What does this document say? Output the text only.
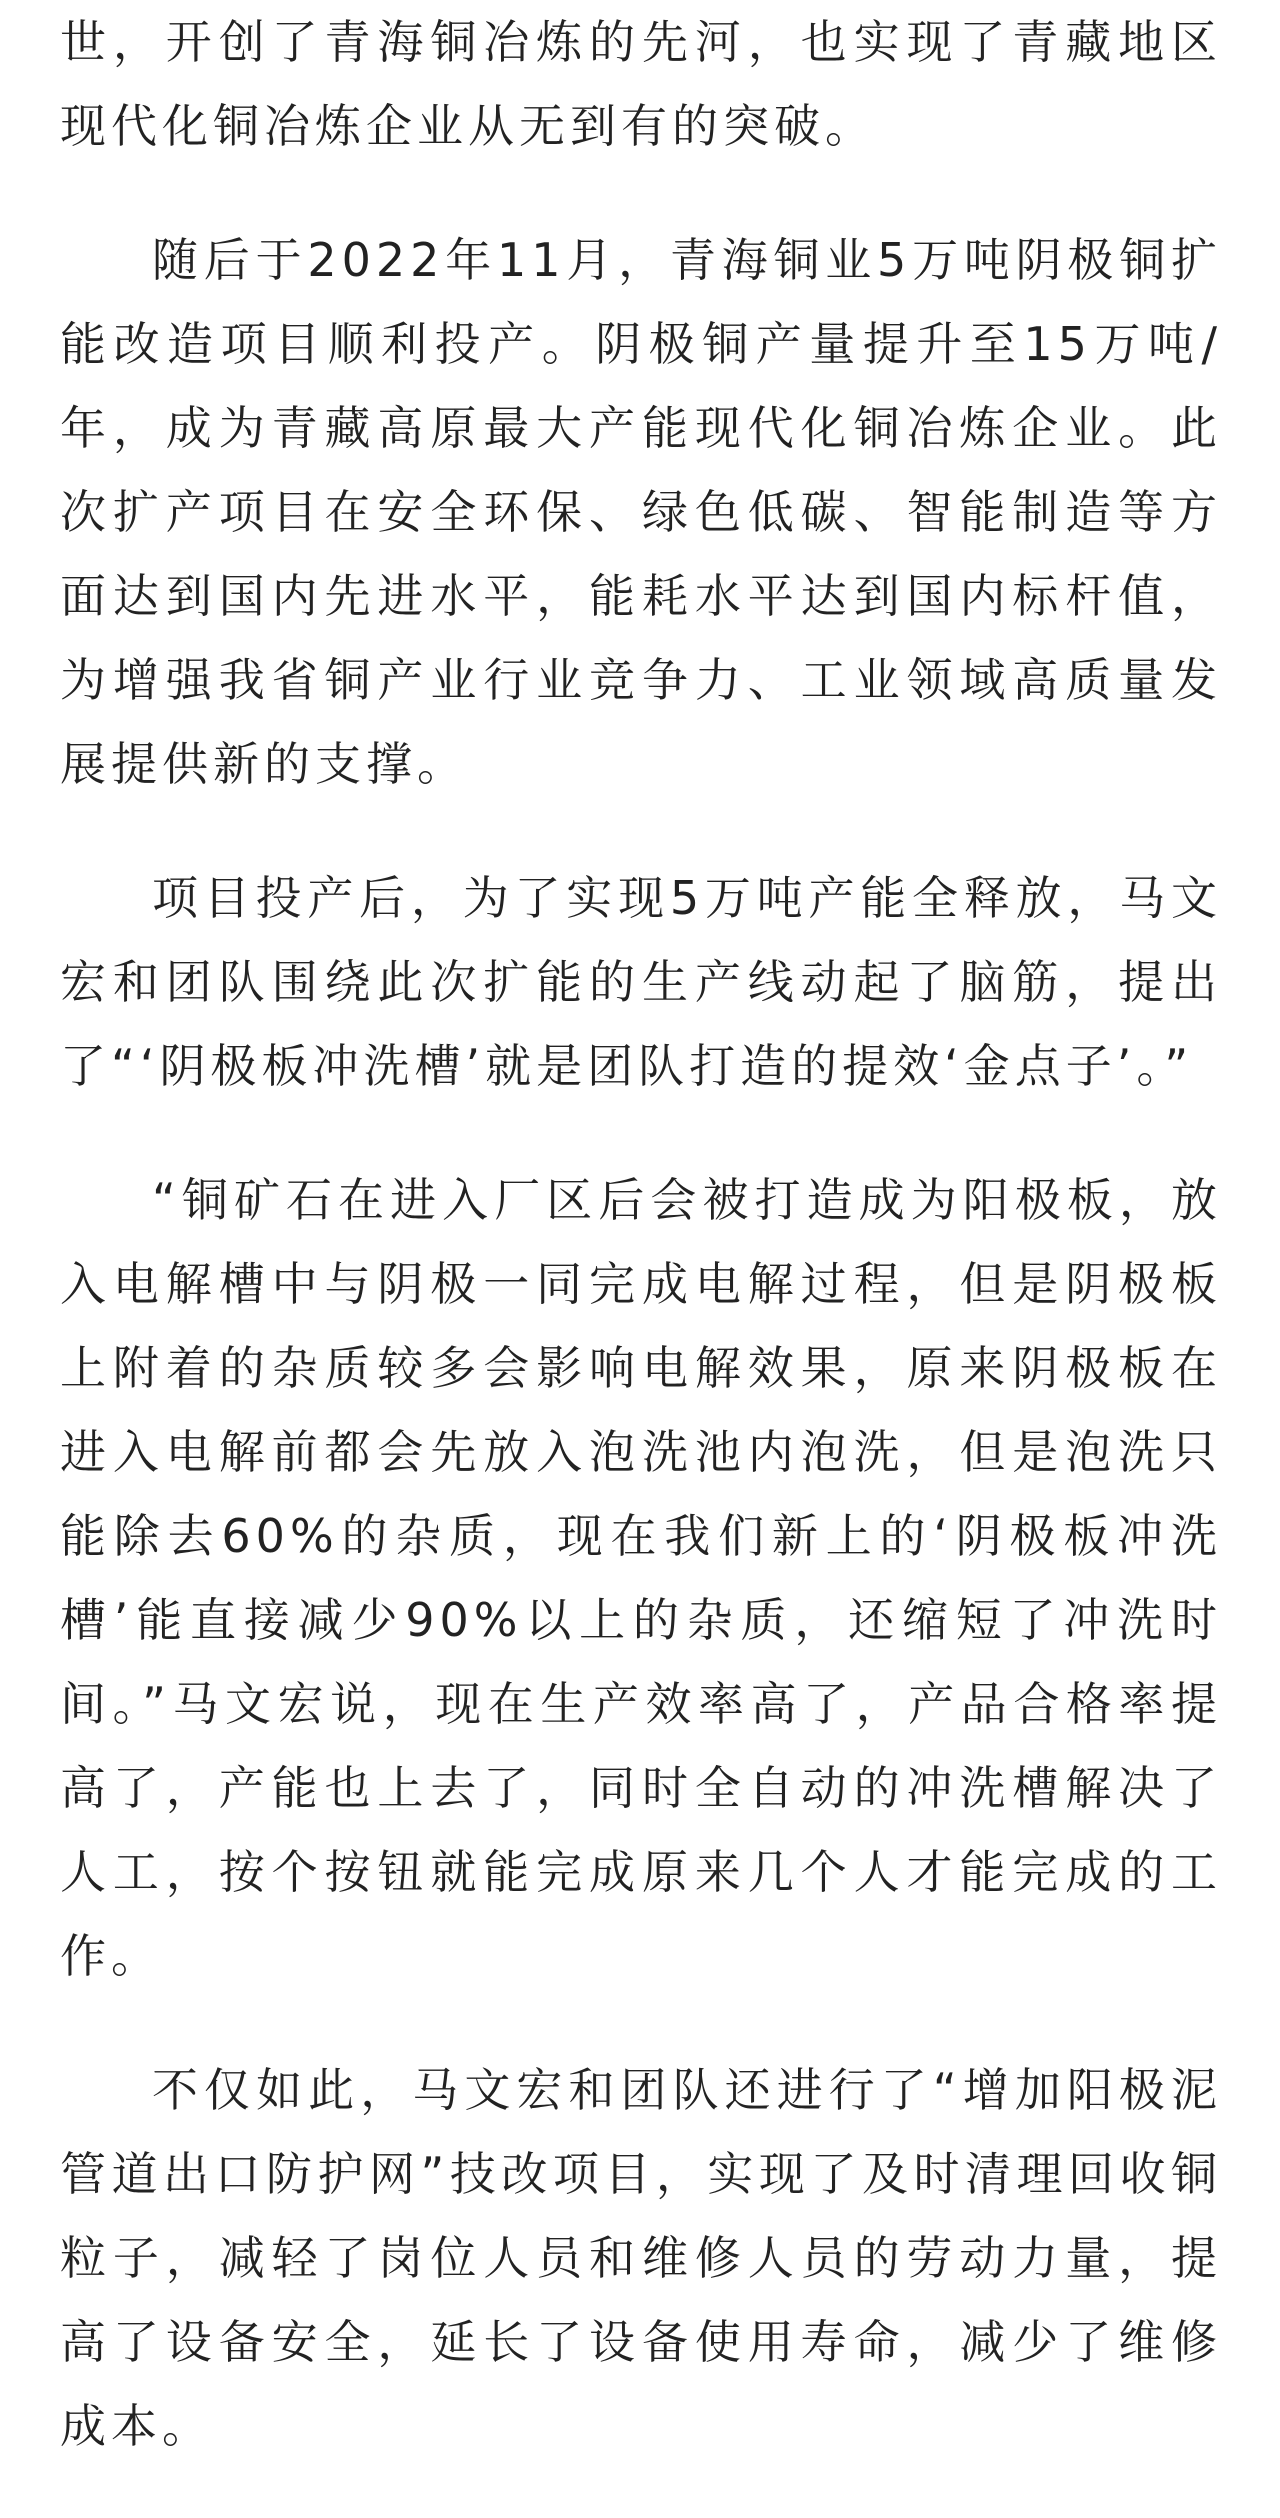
世，开创了青海铜冶炼的先河，也实现了青藏地区现代化铜冶炼企业从无到有的突破。

随后于2022年11月，青海铜业5万吨阴极铜扩能改造项目顺利投产。阴极铜产量提升至15万吨/年，成为青藏高原最大产能现代化铜冶炼企业。此次扩产项目在安全环保、绿色低碳、智能制造等方面达到国内先进水平，能耗水平达到国内标杆值，为增强我省铜产业行业竞争力、工业领域高质量发展提供新的支撑。

项目投产后，为了实现5万吨产能全释放，马文宏和团队围绕此次扩能的生产线动起了脑筋，提出了“‘阴极板冲洗槽’就是团队打造的提效‘金点子’。”

“铜矿石在进入厂区后会被打造成为阳极板，放入电解槽中与阴极一同完成电解过程，但是阴极板上附着的杂质较多会影响电解效果，原来阴极板在进入电解前都会先放入泡洗池内泡洗，但是泡洗只能除去60%的杂质，现在我们新上的‘阴极板冲洗槽’能直接减少90%以上的杂质，还缩短了冲洗时间。”马文宏说，现在生产效率高了，产品合格率提高了，产能也上去了，同时全自动的冲洗槽解决了人工，按个按钮就能完成原来几个人才能完成的工作。

不仅如此，马文宏和团队还进行了“增加阳极泥管道出口防护网”技改项目，实现了及时清理回收铜粒子，减轻了岗位人员和维修人员的劳动力量，提高了设备安全，延长了设备使用寿命，减少了维修成本。
